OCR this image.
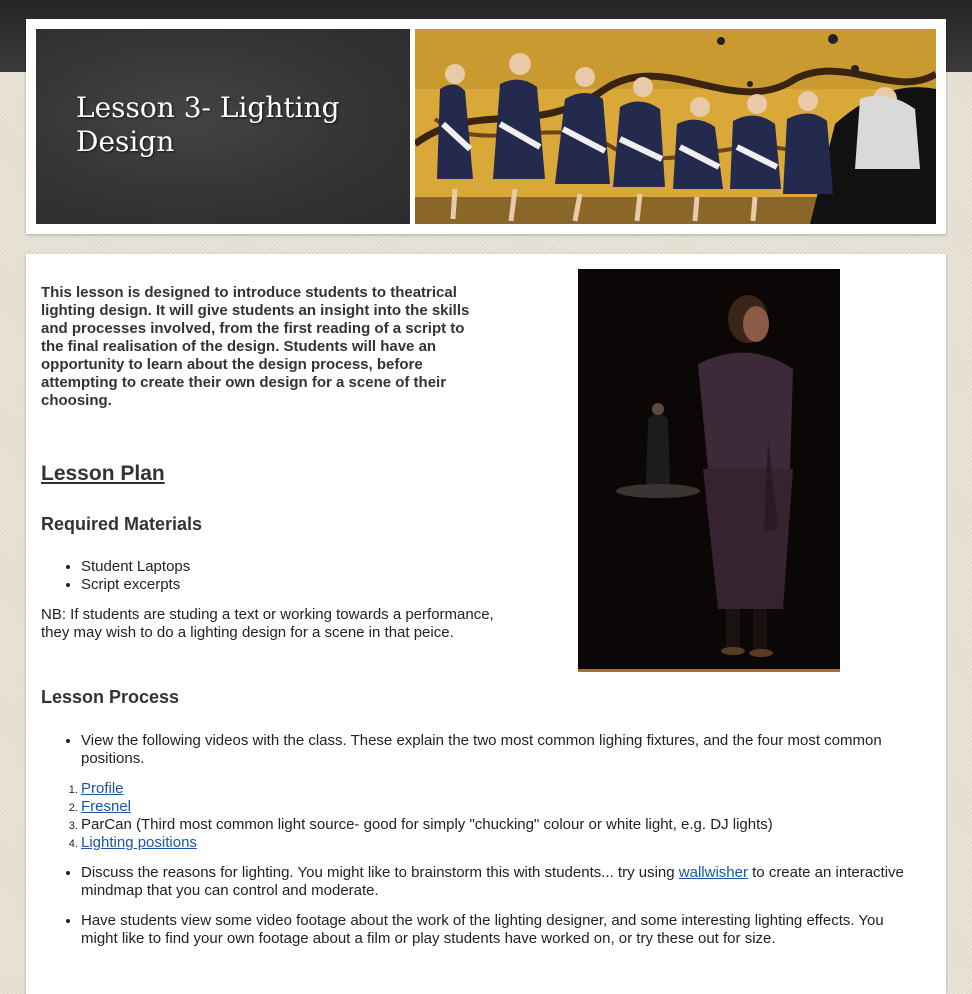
Lesson 3- Lighting Design

This lesson is designed to introduce students to theatrical lighting design. It will give students an insight into the skills and processes involved, from the first reading of a script to the final realisation of the design. Students will have an opportunity to learn about the design process, before attempting to create their own design for a scene of their choosing.

Lesson Plan
Required Materials
• Student Laptops
• Script excerpts

NB: If students are studing a text or working towards a performance, they may wish to do a lighting design for a scene in that peice.

Lesson Process
• View the following videos with the class. These explain the two most common lighing fixtures, and the four most common positions.
1. Profile
2. Fresnel
3. ParCan (Third most common light source- good for simply "chucking" colour or white light, e.g. DJ lights)
4. Lighting positions
• Discuss the reasons for lighting. You might like to brainstorm this with students... try using wallwisher to create an interactive mindmap that you can control and moderate.
• Have students view some video footage about the work of the lighting designer, and some interesting lighting effects. You might like to find your own footage about a film or play students have worked on, or try these out for size.
